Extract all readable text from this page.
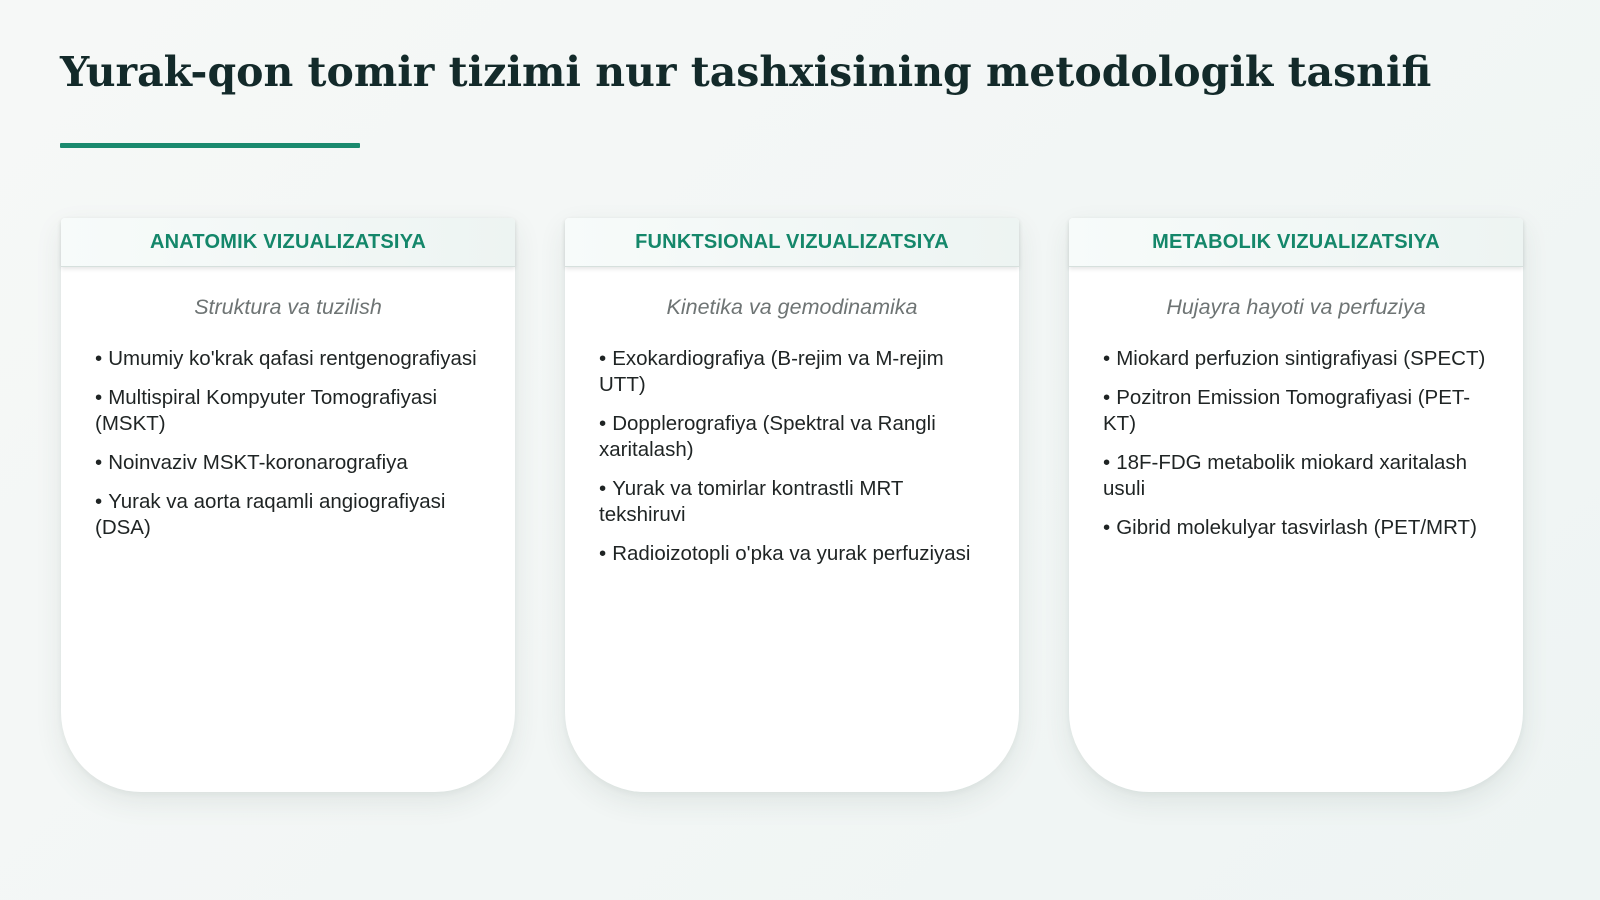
Yurak-qon tomir tizimi nur tashxisining metodologik tasnifi
ANATOMIK VIZUALIZATSIYA
Struktura va tuzilish
• Umumiy ko'krak qafasi rentgenografiyasi
• Multispiral Kompyuter Tomografiyasi (MSKT)
• Noinvaziv MSKT-koronarografiya
• Yurak va aorta raqamli angiografiyasi (DSA)
FUNKTSIONAL VIZUALIZATSIYA
Kinetika va gemodinamika
• Exokardiografiya (B-rejim va M-rejim UTT)
• Dopplerografiya (Spektral va Rangli xaritalash)
• Yurak va tomirlar kontrastli MRT tekshiruvi
• Radioizotopli o'pka va yurak perfuziyasi
METABOLIK VIZUALIZATSIYA
Hujayra hayoti va perfuziya
• Miokard perfuzion sintigrafiyasi (SPECT)
• Pozitron Emission Tomografiyasi (PET-KT)
• 18F-FDG metabolik miokard xaritalash usuli
• Gibrid molekulyar tasvirlash (PET/MRT)
